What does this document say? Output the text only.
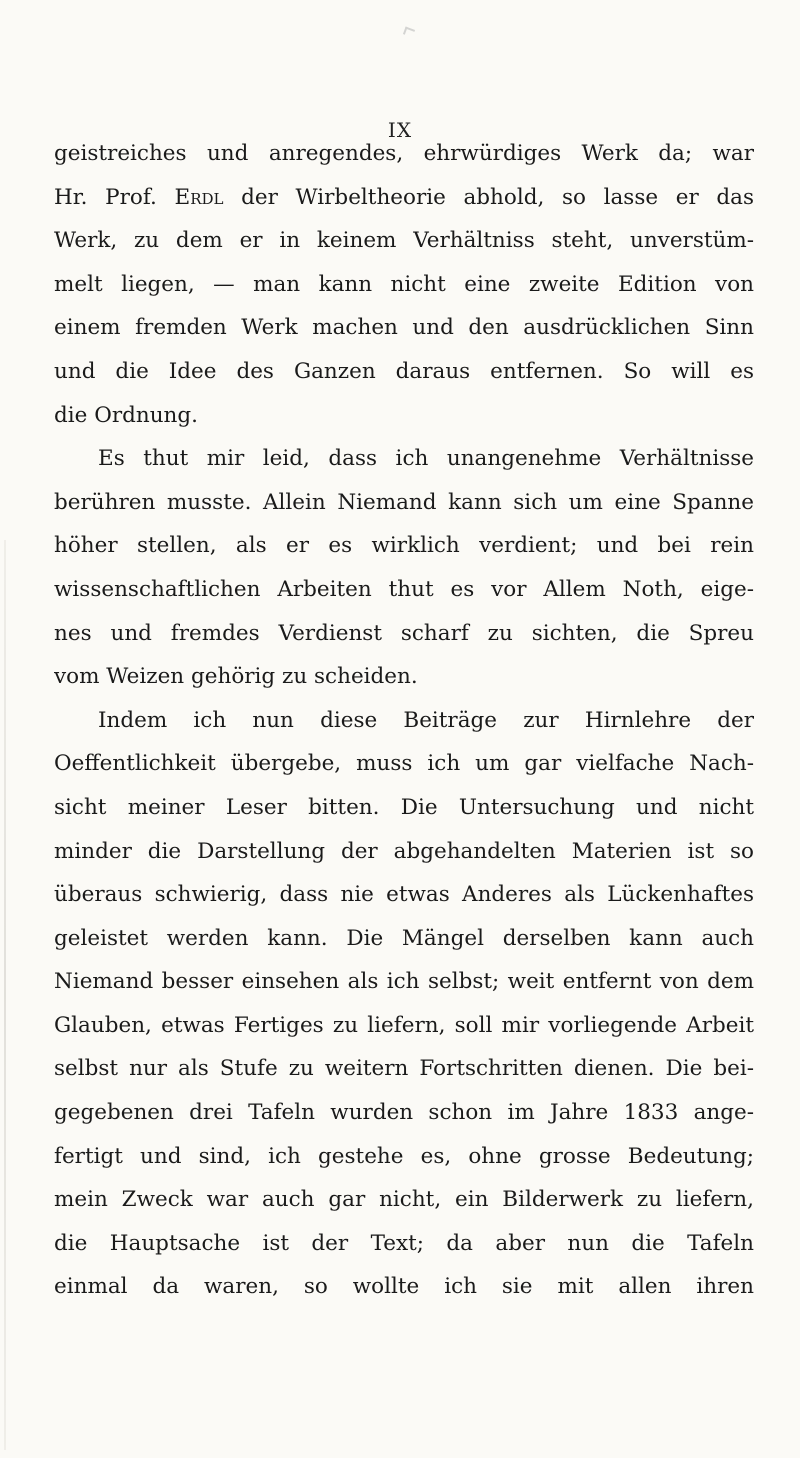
IX
geistreiches und anregendes, ehrwürdiges Werk da; war
Hr. Prof. Erdl der Wirbeltheorie abhold, so lasse er das
Werk, zu dem er in keinem Verhältniss steht, unverstüm-
melt liegen, — man kann nicht eine zweite Edition von
einem fremden Werk machen und den ausdrücklichen Sinn
und die Idee des Ganzen daraus entfernen. So will es
die Ordnung.
Es thut mir leid, dass ich unangenehme Verhältnisse
berühren musste. Allein Niemand kann sich um eine Spanne
höher stellen, als er es wirklich verdient; und bei rein
wissenschaftlichen Arbeiten thut es vor Allem Noth, eige-
nes und fremdes Verdienst scharf zu sichten, die Spreu
vom Weizen gehörig zu scheiden.
Indem ich nun diese Beiträge zur Hirnlehre der
Oeffentlichkeit übergebe, muss ich um gar vielfache Nach-
sicht meiner Leser bitten. Die Untersuchung und nicht
minder die Darstellung der abgehandelten Materien ist so
überaus schwierig, dass nie etwas Anderes als Lückenhaftes
geleistet werden kann. Die Mängel derselben kann auch
Niemand besser einsehen als ich selbst; weit entfernt von dem
Glauben, etwas Fertiges zu liefern, soll mir vorliegende Arbeit
selbst nur als Stufe zu weitern Fortschritten dienen. Die bei-
gegebenen drei Tafeln wurden schon im Jahre 1833 ange-
fertigt und sind, ich gestehe es, ohne grosse Bedeutung;
mein Zweck war auch gar nicht, ein Bilderwerk zu liefern,
die Hauptsache ist der Text; da aber nun die Tafeln
einmal da waren, so wollte ich sie mit allen ihren
